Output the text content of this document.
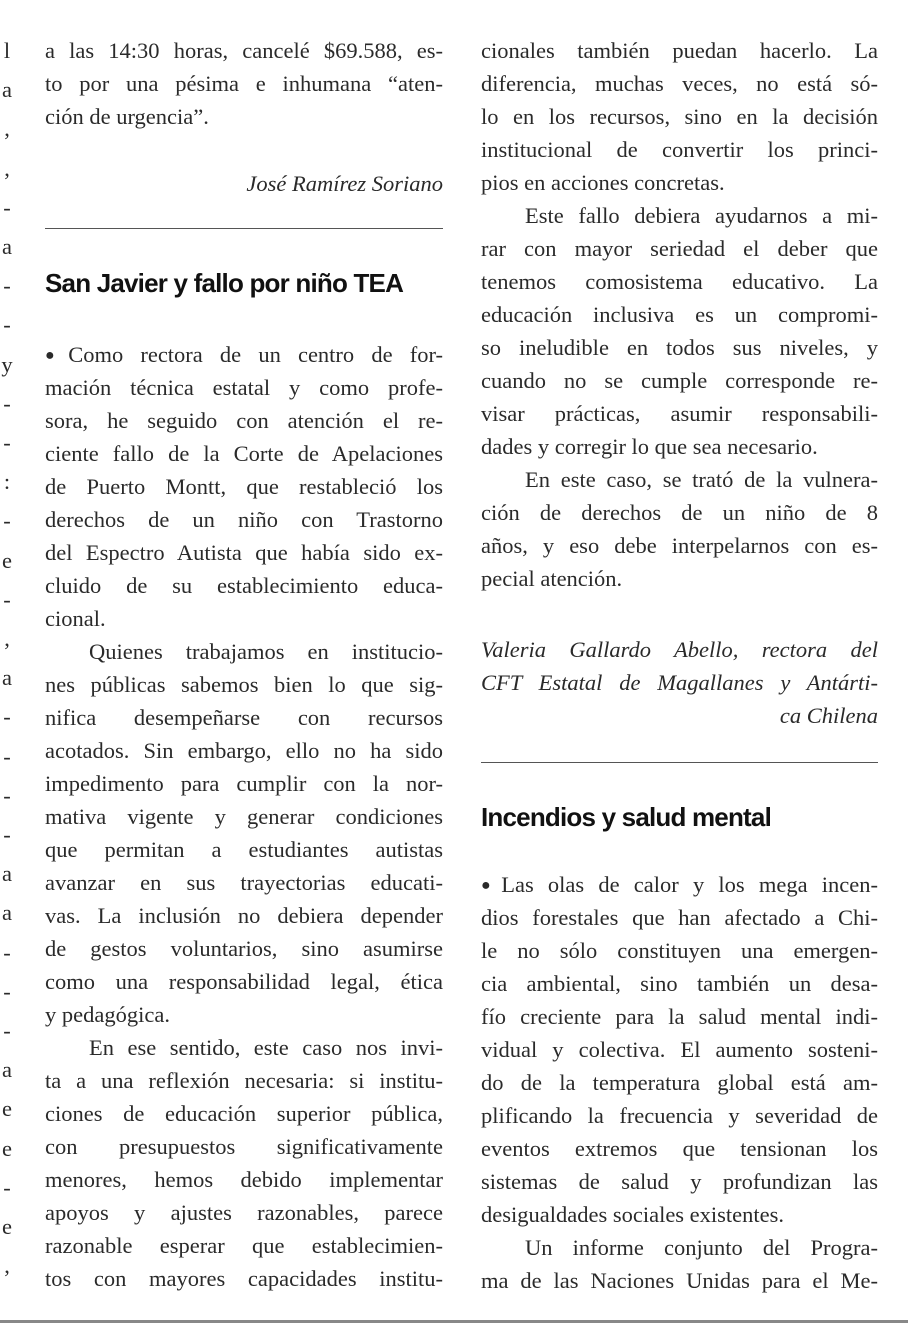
l
a
,
,
-
a
-
-
y
-
-
:
-
e
-
,
a
-
-
-
-
a
a
-
-
-
a
e
e
-
e
,
a las 14:30 horas, cancelé $69.588, es-
to por una pésima e inhumana “aten-
ción de urgencia”.
José Ramírez Soriano
San Javier y fallo por niño TEA
●Como rectora de un centro de for-
mación técnica estatal y como profe-
sora, he seguido con atención el re-
ciente fallo de la Corte de Apelaciones
de Puerto Montt, que restableció los
derechos de un niño con Trastorno
del Espectro Autista que había sido ex-
cluido de su establecimiento educa-
cional.
Quienes trabajamos en institucio-
nes públicas sabemos bien lo que sig-
nifica desempeñarse con recursos
acotados. Sin embargo, ello no ha sido
impedimento para cumplir con la nor-
mativa vigente y generar condiciones
que permitan a estudiantes autistas
avanzar en sus trayectorias educati-
vas. La inclusión no debiera depender
de gestos voluntarios, sino asumirse
como una responsabilidad legal, ética
y pedagógica.
En ese sentido, este caso nos invi-
ta a una reflexión necesaria: si institu-
ciones de educación superior pública,
con presupuestos significativamente
menores, hemos debido implementar
apoyos y ajustes razonables, parece
razonable esperar que establecimien-
tos con mayores capacidades institu-
cionales también puedan hacerlo. La
diferencia, muchas veces, no está só-
lo en los recursos, sino en la decisión
institucional de convertir los princi-
pios en acciones concretas.
Este fallo debiera ayudarnos a mi-
rar con mayor seriedad el deber que
tenemos comosistema educativo. La
educación inclusiva es un compromi-
so ineludible en todos sus niveles, y
cuando no se cumple corresponde re-
visar prácticas, asumir responsabili-
dades y corregir lo que sea necesario.
En este caso, se trató de la vulnera-
ción de derechos de un niño de 8
años, y eso debe interpelarnos con es-
pecial atención.
Valeria Gallardo Abello, rectora del
CFT Estatal de Magallanes y Antárti-
ca Chilena
Incendios y salud mental
●Las olas de calor y los mega incen-
dios forestales que han afectado a Chi-
le no sólo constituyen una emergen-
cia ambiental, sino también un desa-
fío creciente para la salud mental indi-
vidual y colectiva. El aumento sosteni-
do de la temperatura global está am-
plificando la frecuencia y severidad de
eventos extremos que tensionan los
sistemas de salud y profundizan las
desigualdades sociales existentes.
Un informe conjunto del Progra-
ma de las Naciones Unidas para el Me-
